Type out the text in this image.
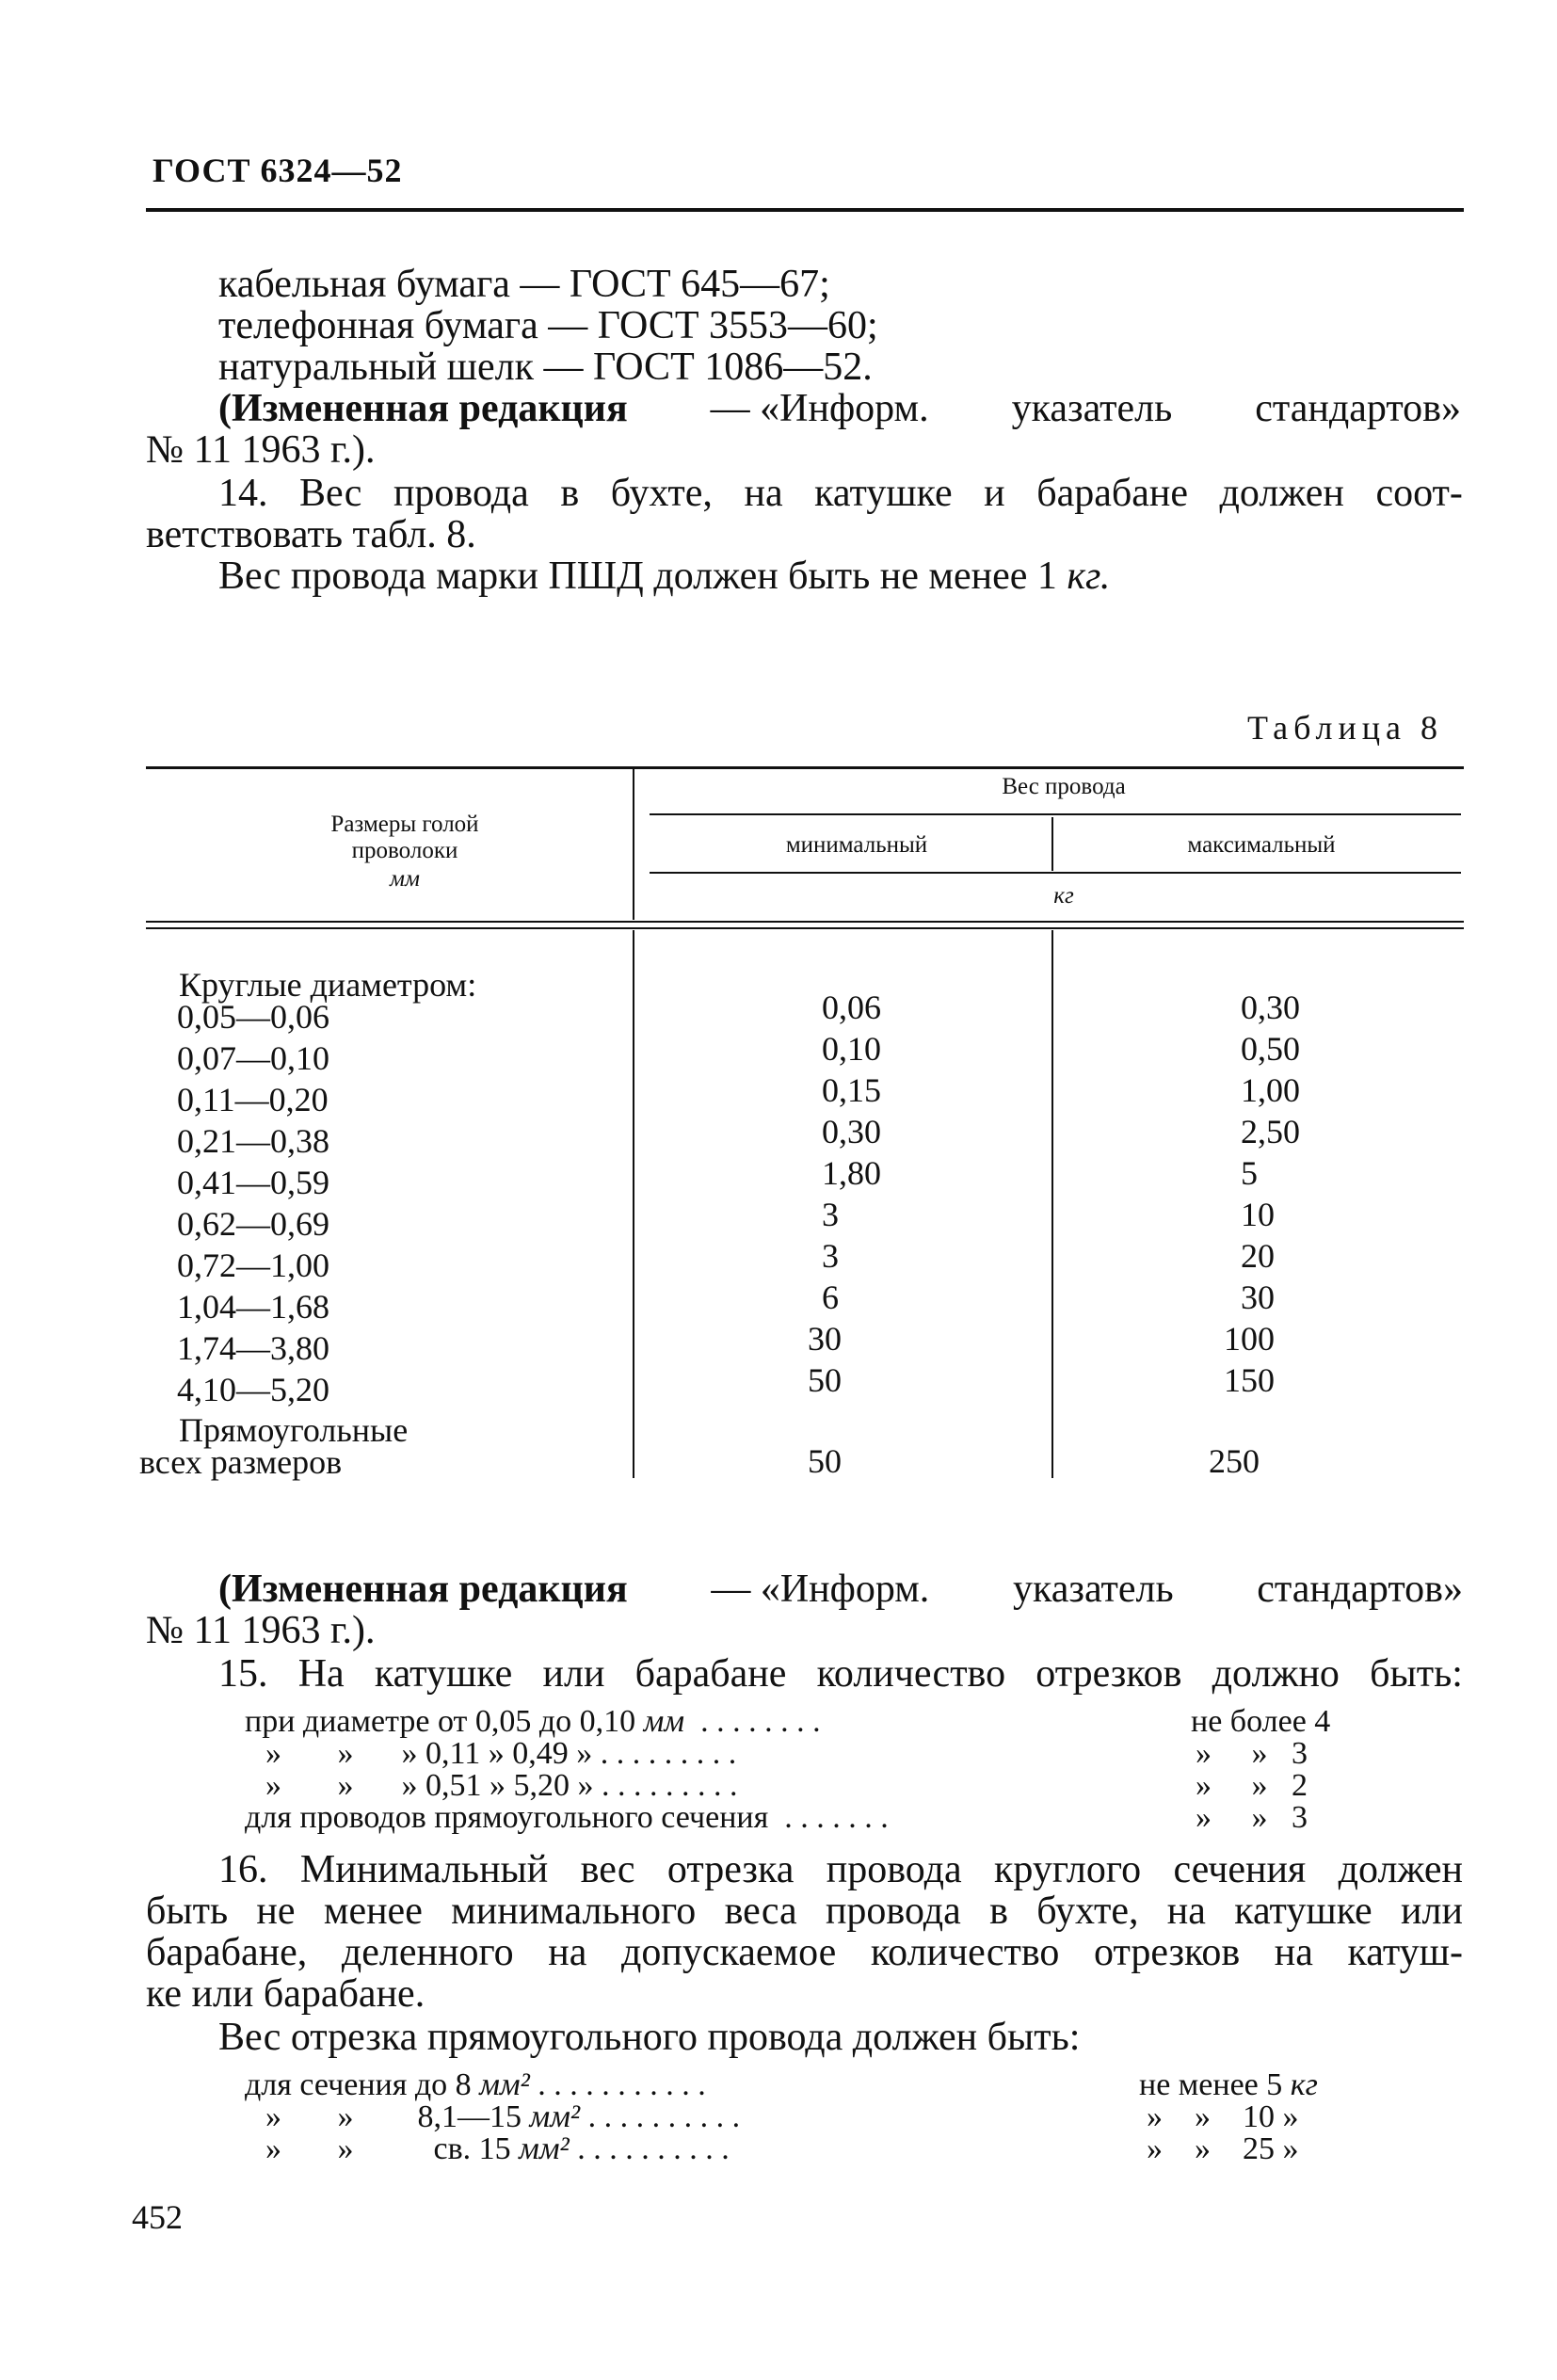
ГОСТ 6324—52
кабельная бумага — ГОСТ 645—67;
телефонная бумага — ГОСТ 3553—60;
натуральный шелк — ГОСТ 1086—52.
(Измененная редакция — «Информ. указатель стандартов»
№ 11 1963 г.).
14. Вес провода в бухте, на катушке и барабане должен соот-
ветствовать табл. 8.
Вес провода марки ПШД должен быть не менее 1 кг.
Таблица 8
Размеры голой проволоки
мм
Вес провода
минимальный	максимальный
кг
Круглые диаметром:
0,05—0,06	0,06	0,30
0,07—0,10	0,10	0,50
0,11—0,20	0,15	1,00
0,21—0,38	0,30	2,50
0,41—0,59	1,80	5
0,62—0,69	3	10
0,72—1,00	3	20
1,04—1,68	6	30
1,74—3,80	30	100
4,10—5,20	50	150
Прямоугольные
всех размеров	50	250
(Измененная редакция — «Информ. указатель стандартов»
№ 11 1963 г.).
15. На катушке или барабане количество отрезков должно быть:
при диаметре от 0,05 до 0,10 мм  . . . . . . . .	не более 4
»       »      » 0,11 » 0,49 » . . . . . . . . .	»     »   3
»       »      » 0,51 » 5,20 » . . . . . . . . .	»     »   2
для проводов прямоугольного сечения  . . . . . . .	»     »   3
16. Минимальный вес отрезка провода круглого сечения должен
быть не менее минимального веса провода в бухте, на катушке или
барабане, деленного на допускаемое количество отрезков на катуш-
ке или барабане.
Вес отрезка прямоугольного провода должен быть:
для сечения до 8 мм² . . . . . . . . . . .	не менее 5 кг
»       »        8,1—15 мм² . . . . . . . . . .	»    »    10 »
»       »          св. 15 мм² . . . . . . . . . .	»    »    25 »
452
